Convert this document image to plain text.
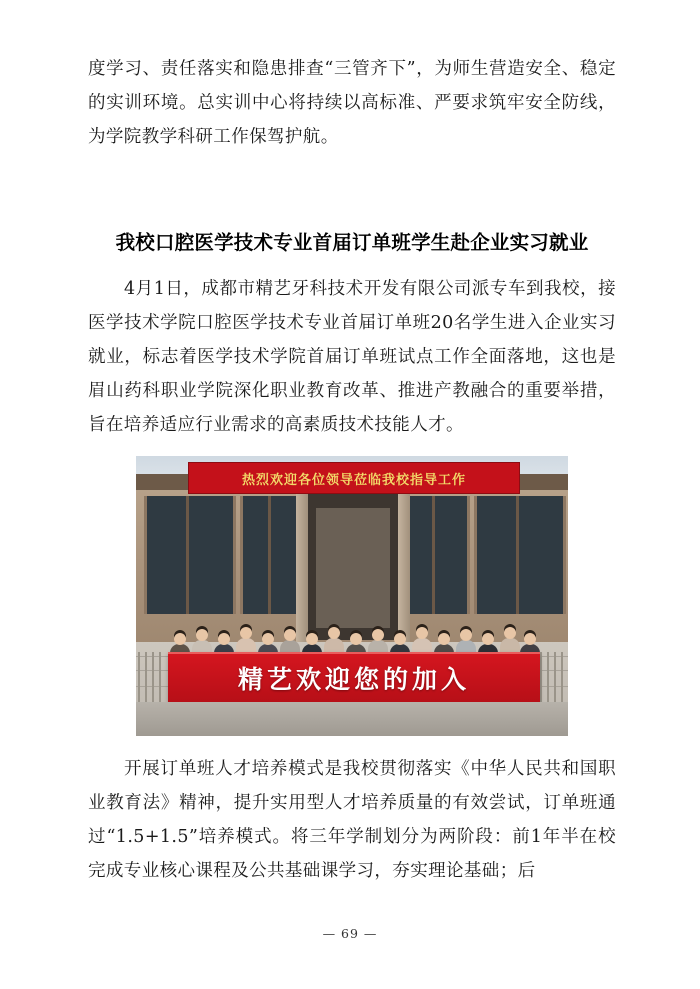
度学习、责任落实和隐患排查“三管齐下”，为师生营造安全、稳定的实训环境。总实训中心将持续以高标准、严要求筑牢安全防线，为学院教学科研工作保驾护航。

我校口腔医学技术专业首届订单班学生赴企业实习就业

4月1日，成都市精艺牙科技术开发有限公司派专车到我校，接医学技术学院口腔医学技术专业首届订单班20名学生进入企业实习就业，标志着医学技术学院首届订单班试点工作全面落地，这也是眉山药科职业学院深化职业教育改革、推进产教融合的重要举措，旨在培养适应行业需求的高素质技术技能人才。

热烈欢迎各位领导莅临我校指导工作
精艺欢迎您的加入

开展订单班人才培养模式是我校贯彻落实《中华人民共和国职业教育法》精神，提升实用型人才培养质量的有效尝试，订单班通过“1.5+1.5”培养模式。将三年学制划分为两阶段：前1年半在校完成专业核心课程及公共基础课学习，夯实理论基础；后

— 69 —
